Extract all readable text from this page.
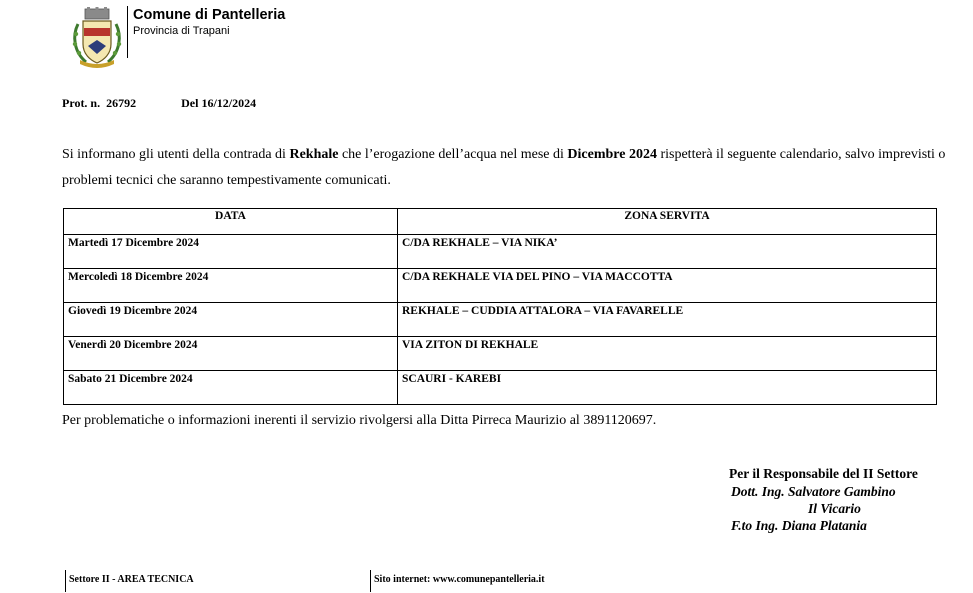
Comune di Pantelleria
Provincia di Trapani
Prot. n. 26792	Del 16/12/2024
Si informano gli utenti della contrada di Rekhale che l’erogazione dell’acqua nel mese di Dicembre 2024 rispetterà il seguente calendario, salvo imprevisti o problemi tecnici che saranno tempestivamente comunicati.
DATA	ZONA SERVITA
Martedì 17 Dicembre 2024	C/DA REKHALE – VIA NIKA’
Mercoledì 18 Dicembre 2024	C/DA REKHALE VIA DEL PINO – VIA MACCOTTA
Giovedì 19 Dicembre 2024	REKHALE – CUDDIA ATTALORA – VIA FAVARELLE
Venerdì 20 Dicembre 2024	VIA ZITON DI REKHALE
Sabato 21 Dicembre 2024	SCAURI - KAREBI
Per problematiche o informazioni inerenti il servizio rivolgersi alla Ditta Pirreca Maurizio al 3891120697.
Per il Responsabile del II Settore
Dott. Ing. Salvatore Gambino
Il Vicario
F.to Ing. Diana Platania
Settore II - AREA TECNICA	Sito internet: www.comunepantelleria.it
